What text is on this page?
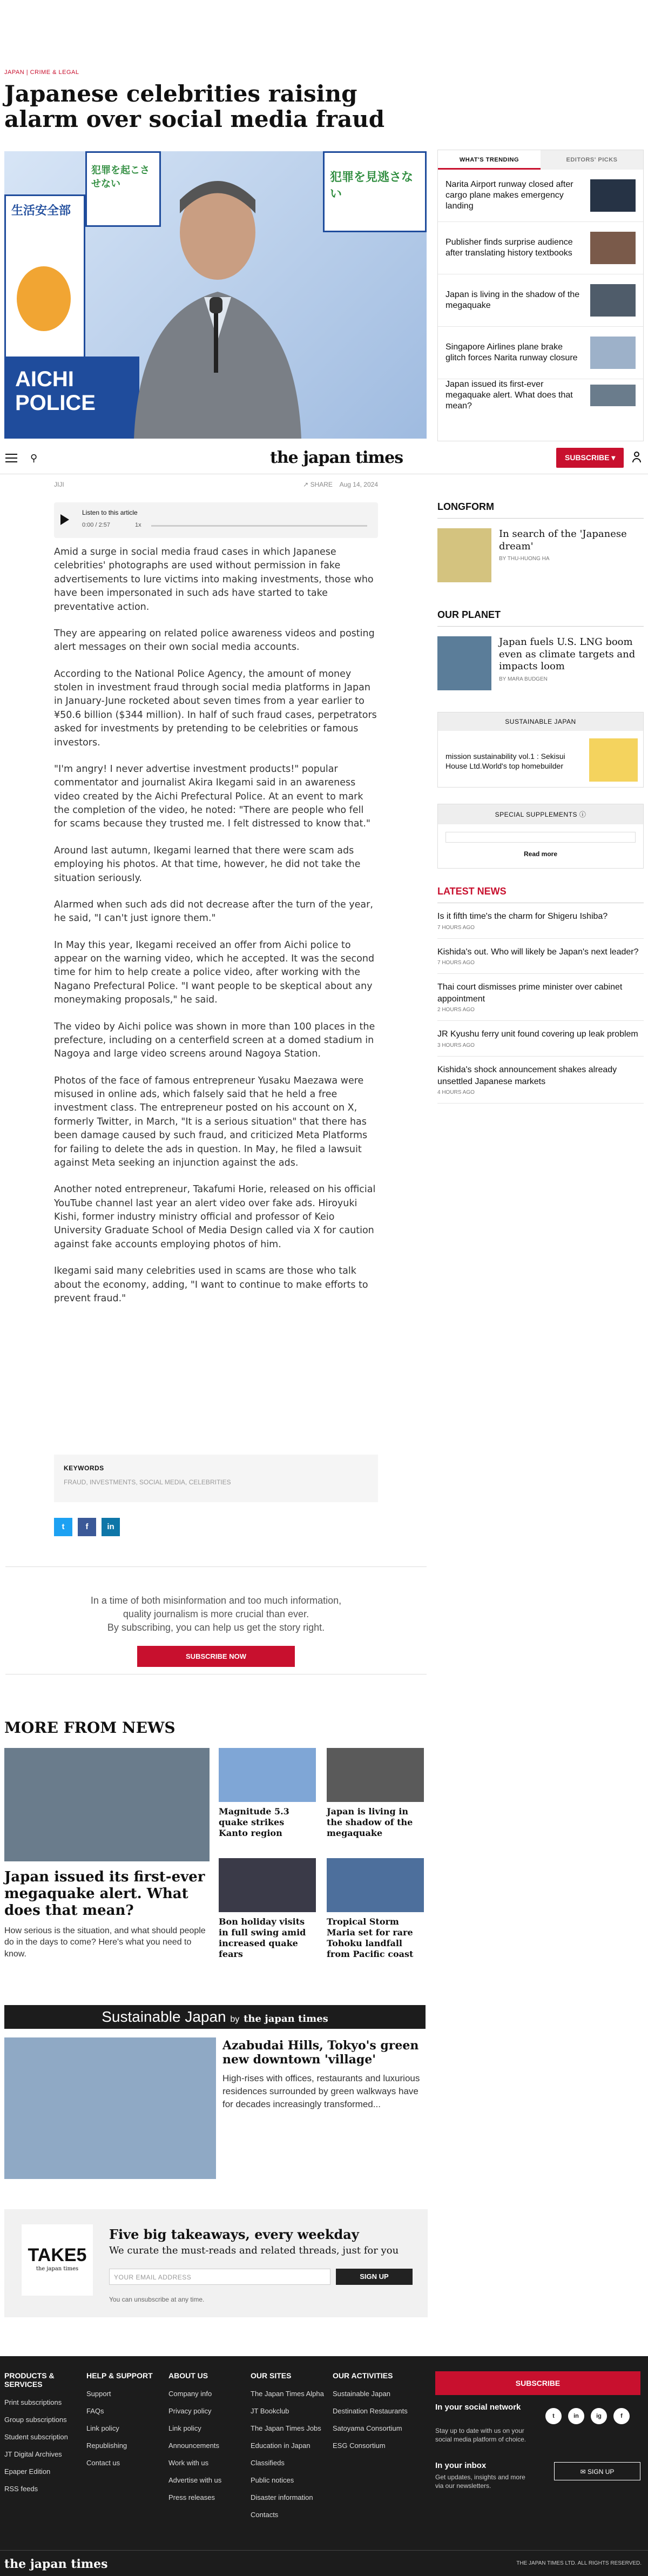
JAPAN | CRIME & LEGAL
Japanese celebrities raising alarm over social media fraud
生活安全部
犯罪を起こさせない
犯罪を見逃さない
AICHI POLICE
WHAT'S TRENDING	EDITORS' PICKS
Narita Airport runway closed after cargo plane makes emergency landing
Publisher finds surprise audience after translating history textbooks
Japan is living in the shadow of the megaquake
Singapore Airlines plane brake glitch forces Narita runway closure
Japan issued its first-ever megaquake alert. What does that mean?
⚲	the japan times	SUBSCRIBE ▾
JIJI	↗ SHARE Aug 14, 2024
Listen to this article
0:00 / 2:57	1x

Amid a surge in social media fraud cases in which Japanese celebrities' photographs are used without permission in fake advertisements to lure victims into making investments, those who have been impersonated in such ads have started to take preventative action.

They are appearing on related police awareness videos and posting alert messages on their own social media accounts.

According to the National Police Agency, the amount of money stolen in investment fraud through social media platforms in Japan in January-June rocketed about seven times from a year earlier to ¥50.6 billion ($344 million). In half of such fraud cases, perpetrators asked for investments by pretending to be celebrities or famous investors.

"I'm angry! I never advertise investment products!" popular commentator and journalist Akira Ikegami said in an awareness video created by the Aichi Prefectural Police. At an event to mark the completion of the video, he noted: "There are people who fell for scams because they trusted me. I felt distressed to know that."

Around last autumn, Ikegami learned that there were scam ads employing his photos. At that time, however, he did not take the situation seriously.

Alarmed when such ads did not decrease after the turn of the year, he said, "I can't just ignore them."

In May this year, Ikegami received an offer from Aichi police to appear on the warning video, which he accepted. It was the second time for him to help create a police video, after working with the Nagano Prefectural Police. "I want people to be skeptical about any moneymaking proposals," he said.

The video by Aichi police was shown in more than 100 places in the prefecture, including on a centerfield screen at a domed stadium in Nagoya and large video screens around Nagoya Station.

Photos of the face of famous entrepreneur Yusaku Maezawa were misused in online ads, which falsely said that he held a free investment class. The entrepreneur posted on his account on X, formerly Twitter, in March, "It is a serious situation" that there has been damage caused by such fraud, and criticized Meta Platforms for failing to delete the ads in question. In May, he filed a lawsuit against Meta seeking an injunction against the ads.

Another noted entrepreneur, Takafumi Horie, released on his official YouTube channel last year an alert video over fake ads. Hiroyuki Kishi, former industry ministry official and professor of Keio University Graduate School of Media Design called via X for caution against fake accounts employing photos of him.

Ikegami said many celebrities used in scams are those who talk about the economy, adding, "I want to continue to make efforts to prevent fraud."

KEYWORDS
FRAUD, INVESTMENTS, SOCIAL MEDIA, CELEBRITIES
t	f	in

In a time of both misinformation and too much information,

quality journalism is more crucial than ever.

By subscribing, you can help us get the story right.

SUBSCRIBE NOW
MORE FROM NEWS
Japan issued its first-ever megaquake alert. What does that mean?

How serious is the situation, and what should people do in the days to come? Here's what you need to know.

Magnitude 5.3 quake strikes Kanto region
Japan is living in the shadow of the megaquake
Bon holiday visits in full swing amid increased quake fears
Tropical Storm Maria set for rare Tohoku landfall from Pacific coast
Sustainable Japan by the japan times
Azabudai Hills, Tokyo's green new downtown 'village'

High-rises with offices, restaurants and luxurious residences surrounded by green walkways have for decades increasingly transformed...

TAKE5
the japan times
Five big takeaways, every weekday
We curate the must-reads and related threads, just for you
YOUR EMAIL ADDRESS	SIGN UP
You can unsubscribe at any time.
LONGFORM
In search of the 'Japanese dream'
BY THU-HUONG HA
OUR PLANET
Japan fuels U.S. LNG boom even as climate targets and impacts loom
BY MARA BUDGEN
SUSTAINABLE JAPAN
mission sustainability vol.1 : Sekisui House Ltd.World's top homebuilder
SPECIAL SUPPLEMENTS ⓘ
Read more
LATEST NEWS
Is it fifth time's the charm for Shigeru Ishiba?
7 HOURS AGO
Kishida's out. Who will likely be Japan's next leader?
7 HOURS AGO
Thai court dismisses prime minister over cabinet appointment
2 HOURS AGO
JR Kyushu ferry unit found covering up leak problem
3 HOURS AGO
Kishida's shock announcement shakes already unsettled Japanese markets
4 HOURS AGO
PRODUCTS & SERVICES
Print subscriptions
Group subscriptions
Student subscription
JT Digital Archives
Epaper Edition
RSS feeds
HELP & SUPPORT
Support
FAQs
Link policy
Republishing
Contact us
ABOUT US
Company info
Privacy policy
Link policy
Announcements
Work with us
Advertise with us
Press releases
OUR SITES
The Japan Times Alpha
JT Bookclub
The Japan Times Jobs
Education in Japan
Classifieds
Public notices
Disaster information
Contacts
OUR ACTIVITIES
Sustainable Japan
Destination Restaurants
Satoyama Consortium
ESG Consortium
SUBSCRIBE
In your social network
Stay up to date with us on your social media platform of choice.
t	in	ig	f
In your inbox
Get updates, insights and more via our newsletters.
✉ SIGN UP
the japan times	THE JAPAN TIMES LTD. ALL RIGHTS RESERVED.
